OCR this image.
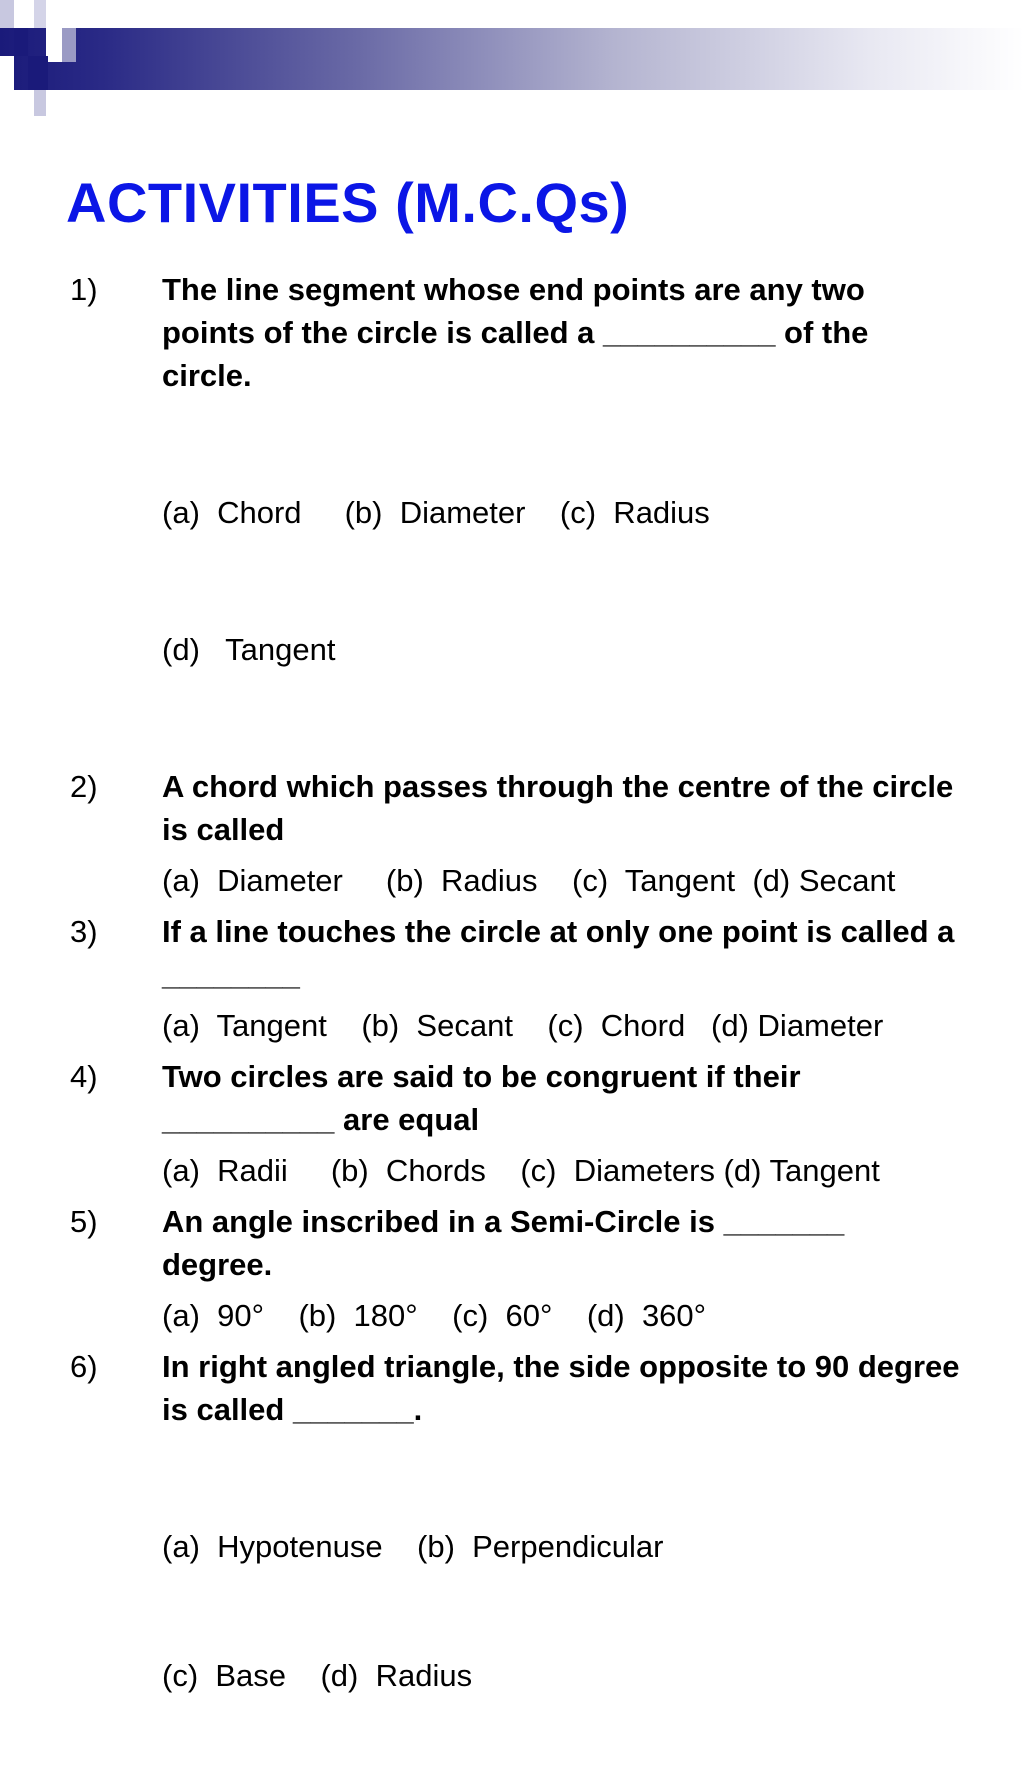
ACTIVITIES (M.C.Qs)
1) The line segment whose end points are any two points of the circle is called a __________ of the circle.

(a)  Chord     (b)  Diameter    (c)  Radius

(d)   Tangent

2) A chord which passes through the centre of the circle is called
(a)  Diameter     (b)  Radius    (c)  Tangent  (d) Secant
3) If a line touches the circle at only one point is called a ________
(a)  Tangent    (b)  Secant    (c)  Chord   (d) Diameter
4) Two circles are said to be congruent if their __________ are equal
(a)  Radii     (b)  Chords    (c)  Diameters (d) Tangent
5) An angle inscribed in a Semi-Circle is _______ degree.
(a)  90°    (b)  180°    (c)  60°    (d)  360°
6) In right angled triangle, the side opposite to 90 degree is called _______.

(a)  Hypotenuse    (b)  Perpendicular

(c)  Base    (d)  Radius
